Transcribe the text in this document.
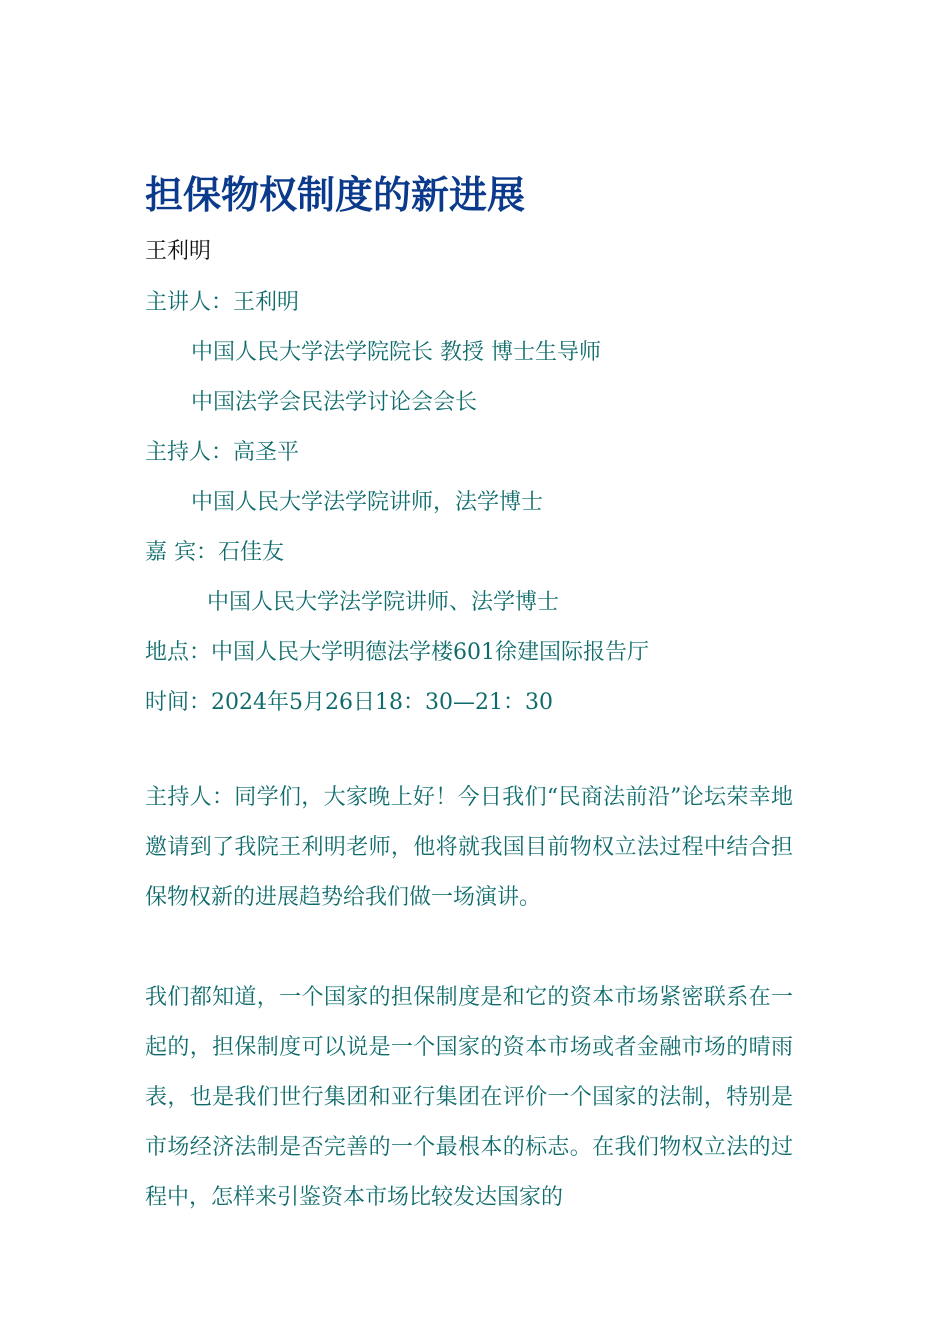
担保物权制度的新进展
王利明
主讲人：王利明
中国人民大学法学院院长 教授 博士生导师
中国法学会民法学讨论会会长
主持人：高圣平
中国人民大学法学院讲师，法学博士
嘉 宾：石佳友
中国人民大学法学院讲师、法学博士
地点：中国人民大学明德法学楼601徐建国际报告厅
时间：2024年5月26日18：30—21：30
主持人：同学们，大家晚上好！今日我们“民商法前沿”论坛荣幸地邀请到了我院王利明老师，他将就我国目前物权立法过程中结合担保物权新的进展趋势给我们做一场演讲。
我们都知道，一个国家的担保制度是和它的资本市场紧密联系在一起的，担保制度可以说是一个国家的资本市场或者金融市场的晴雨表，也是我们世行集团和亚行集团在评价一个国家的法制，特别是市场经济法制是否完善的一个最根本的标志。在我们物权立法的过程中，怎样来引鉴资本市场比较发达国家的
